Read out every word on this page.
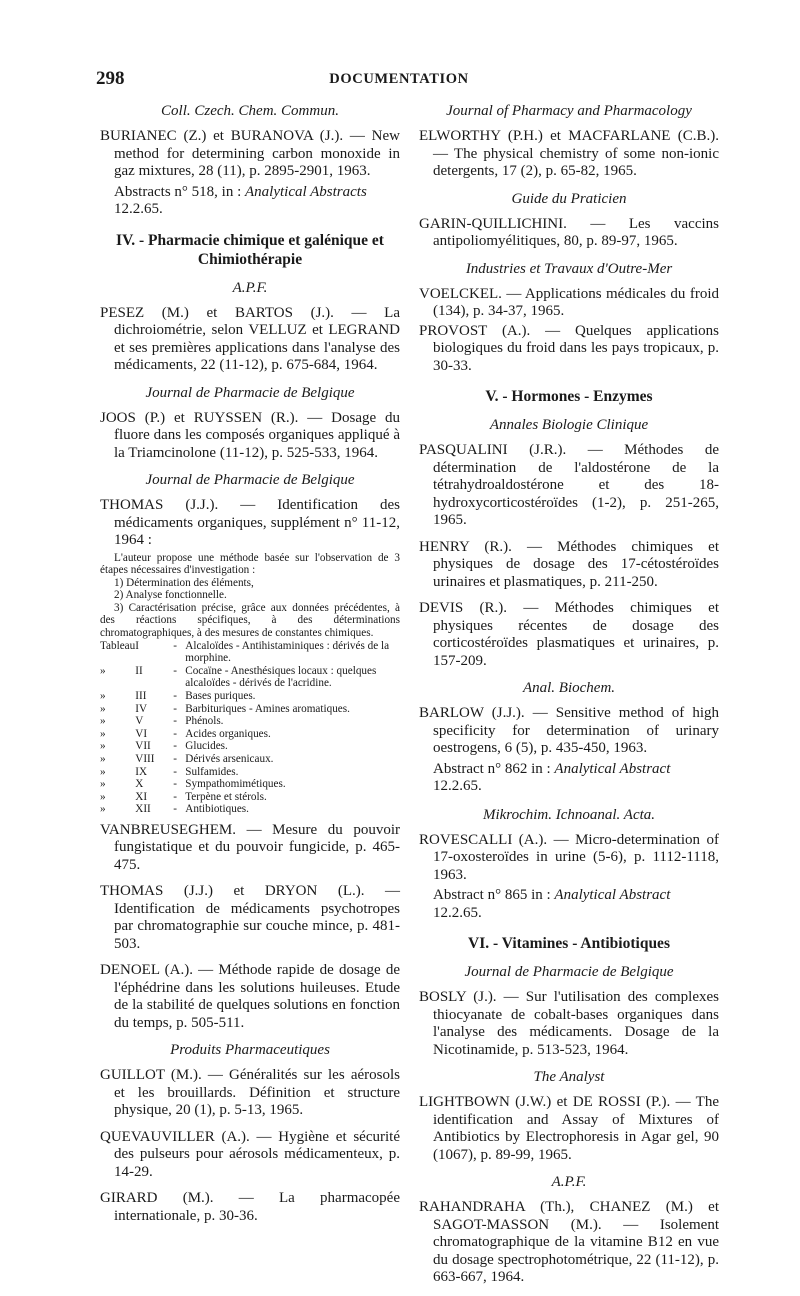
298	DOCUMENTATION
Coll. Czech. Chem. Commun.

BURIANEC (Z.) et BURANOVA (J.). — New method for determining carbon monoxide in gaz mixtures, 28 (11), p. 2895-2901, 1963.

Abstracts n° 518, in : Analytical Abstracts
12.2.65.
IV. - Pharmacie chimique et galénique et Chimiothérapie
A.P.F.

PESEZ (M.) et BARTOS (J.). — La dichroiométrie, selon VELLUZ et LEGRAND et ses premières applications dans l'analyse des médicaments, 22 (11-12), p. 675-684, 1964.

Journal de Pharmacie de Belgique

JOOS (P.) et RUYSSEN (R.). — Dosage du fluore dans les composés organiques appliqué à la Triamcinolone (11-12), p. 525-533, 1964.

Journal de Pharmacie de Belgique

THOMAS (J.J.). — Identification des médicaments organiques, supplément n° 11-12, 1964 :

L'auteur propose une méthode basée sur l'observation de 3 étapes nécessaires d'investigation :

1) Détermination des éléments,

2) Analyse fonctionnelle.

3) Caractérisation précise, grâce aux données précédentes, à des réactions spécifiques, à des déterminations chromatographiques, à des mesures de constantes chimiques.

Tableau	I	-	Alcaloïdes - Antihistaminiques : dérivés de la morphine.
»	II	-	Cocaïne - Anesthésiques locaux : quelques alcaloïdes - dérivés de l'acridine.
»	III	-	Bases puriques.
»	IV	-	Barbituriques - Amines aromatiques.
»	V	-	Phénols.
»	VI	-	Acides organiques.
»	VII	-	Glucides.
»	VIII	-	Dérivés arsenicaux.
»	IX	-	Sulfamides.
»	X	-	Sympathomimétiques.
»	XI	-	Terpène et stérols.
»	XII	-	Antibiotiques.

VANBREUSEGHEM. — Mesure du pouvoir fungistatique et du pouvoir fungicide, p. 465-475.

THOMAS (J.J.) et DRYON (L.). — Identification de médicaments psychotropes par chromatographie sur couche mince, p. 481-503.

DENOEL (A.). — Méthode rapide de dosage de l'éphédrine dans les solutions huileuses. Etude de la stabilité de quelques solutions en fonction du temps, p. 505-511.

Produits Pharmaceutiques

GUILLOT (M.). — Généralités sur les aérosols et les brouillards. Définition et structure physique, 20 (1), p. 5-13, 1965.

QUEVAUVILLER (A.). — Hygiène et sécurité des pulseurs pour aérosols médicamenteux, p. 14-29.

GIRARD (M.). — La pharmacopée internationale, p. 30-36.

Journal of Pharmacy and Pharmacology

ELWORTHY (P.H.) et MACFARLANE (C.B.). — The physical chemistry of some non-ionic detergents, 17 (2), p. 65-82, 1965.

Guide du Praticien

GARIN-QUILLICHINI. — Les vaccins antipoliomyélitiques, 80, p. 89-97, 1965.

Industries et Travaux d'Outre-Mer

VOELCKEL. — Applications médicales du froid (134), p. 34-37, 1965.

PROVOST (A.). — Quelques applications biologiques du froid dans les pays tropicaux, p. 30-33.

V. - Hormones - Enzymes
Annales Biologie Clinique

PASQUALINI (J.R.). — Méthodes de détermination de l'aldostérone de la tétrahydroaldostérone et des 18-hydroxycorticostéroïdes (1-2), p. 251-265, 1965.

HENRY (R.). — Méthodes chimiques et physiques de dosage des 17-cétostéroïdes urinaires et plasmatiques, p. 211-250.

DEVIS (R.). — Méthodes chimiques et physiques récentes de dosage des corticostéroïdes plasmatiques et urinaires, p. 157-209.

Anal. Biochem.

BARLOW (J.J.). — Sensitive method of high specificity for determination of urinary oestrogens, 6 (5), p. 435-450, 1963.

Abstract n° 862 in : Analytical Abstract
12.2.65.
Mikrochim. Ichnoanal. Acta.

ROVESCALLI (A.). — Micro-determination of 17-oxosteroïdes in urine (5-6), p. 1112-1118, 1963.

Abstract n° 865 in : Analytical Abstract
12.2.65.
VI. - Vitamines - Antibiotiques
Journal de Pharmacie de Belgique

BOSLY (J.). — Sur l'utilisation des complexes thiocyanate de cobalt-bases organiques dans l'analyse des médicaments. Dosage de la Nicotinamide, p. 513-523, 1964.

The Analyst

LIGHTBOWN (J.W.) et DE ROSSI (P.). — The identification and Assay of Mixtures of Antibiotics by Electrophoresis in Agar gel, 90 (1067), p. 89-99, 1965.

A.P.F.

RAHANDRAHA (Th.), CHANEZ (M.) et SAGOT-MASSON (M.). — Isolement chromatographique de la vitamine B12 en vue du dosage spectrophotométrique, 22 (11-12), p. 663-667, 1964.
